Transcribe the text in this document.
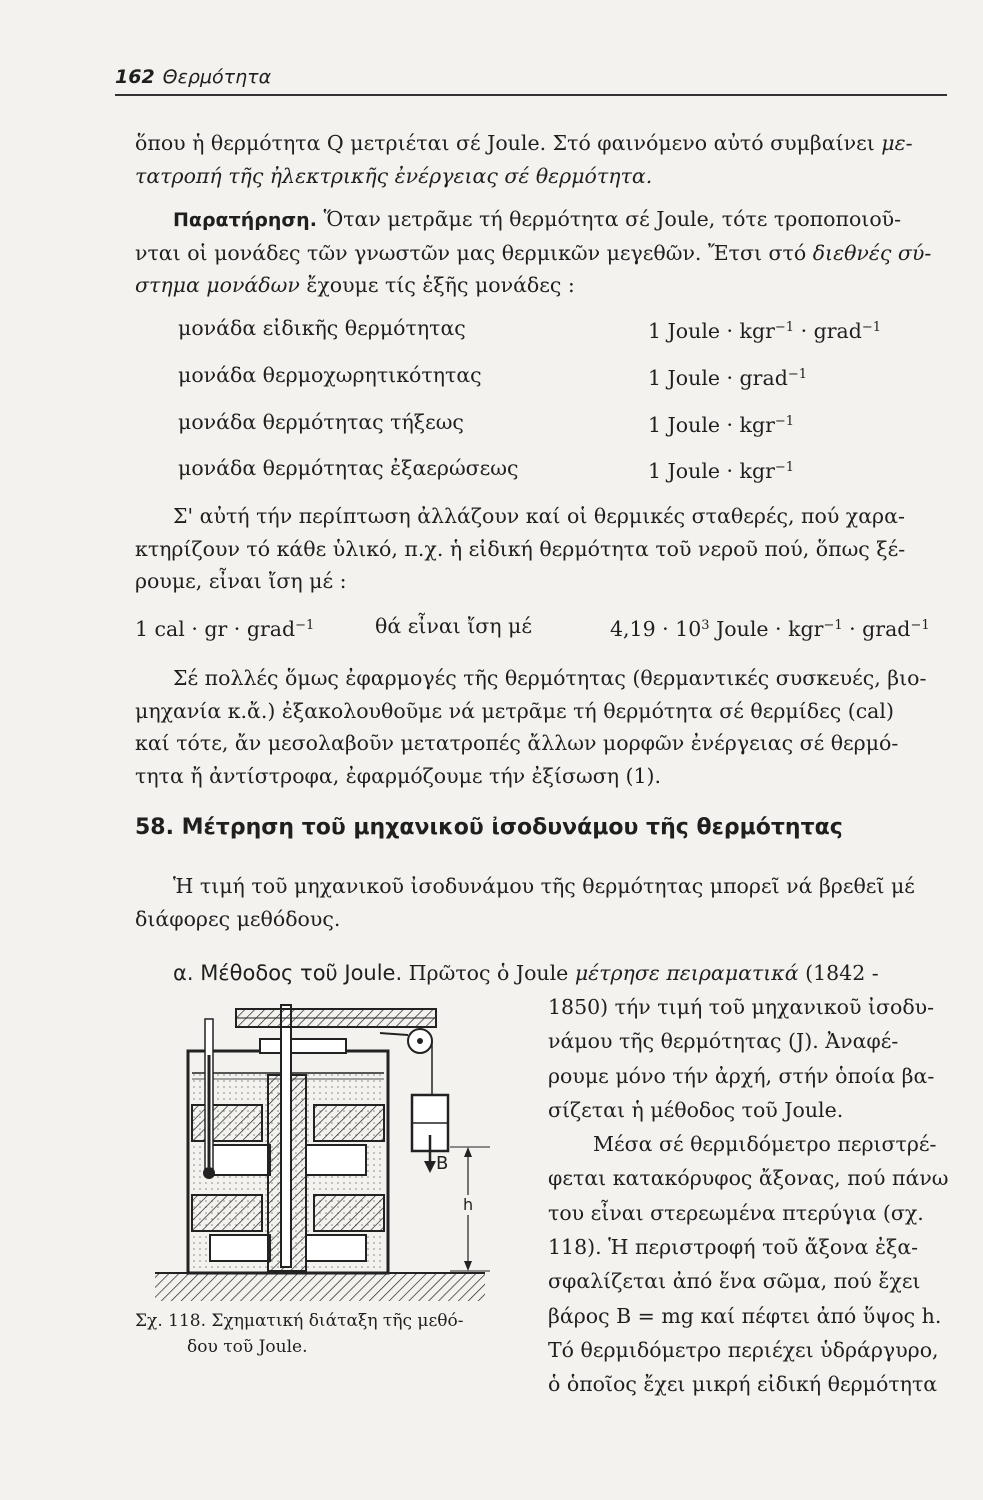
162 Θερμότητα

ὅπου ἡ θερμότητα Q μετριέται σέ Joule. Στό φαινόμενο αὐτό συμβαίνει με-
τατροπή τῆς ἠλεκτρικῆς ἐνέργειας σέ θερμότητα.

Παρατήρηση. Ὅταν μετρᾶμε τή θερμότητα σέ Joule, τότε τροποποιοῦ-
νται οἱ μονάδες τῶν γνωστῶν μας θερμικῶν μεγεθῶν. Ἔτσι στό διεθνές σύ-
στημα μονάδων ἔχουμε τίς ἑξῆς μονάδες :

μονάδα εἰδικῆς θερμότητας	1 Joule · kgr$^{-1}$ · grad$^{-1}$
μονάδα θερμοχωρητικότητας	1 Joule · grad$^{-1}$
μονάδα θερμότητας τήξεως	1 Joule · kgr$^{-1}$
μονάδα θερμότητας ἐξαερώσεως	1 Joule · kgr$^{-1}$

Σ' αὐτή τήν περίπτωση ἀλλάζουν καί οἱ θερμικές σταθερές, πού χαρα-
κτηρίζουν τό κάθε ὑλικό, π.χ. ἡ εἰδική θερμότητα τοῦ νεροῦ πού, ὅπως ξέ-
ρουμε, εἶναι ἴση μέ :

1 cal · gr · grad$^{-1}$	θά εἶναι ἴση μέ	$4,19 \cdot 10^3$ Joule · kgr$^{-1}$ · grad$^{-1}$

Σέ πολλές ὅμως ἐφαρμογές τῆς θερμότητας (θερμαντικές συσκευές, βιο-
μηχανία κ.ἄ.) ἐξακολουθοῦμε νά μετρᾶμε τή θερμότητα σέ θερμίδες (cal)
καί τότε, ἄν μεσολαβοῦν μετατροπές ἄλλων μορφῶν ἐνέργειας σέ θερμό-
τητα ἤ ἀντίστροφα, ἐφαρμόζουμε τήν ἐξίσωση (1).

58. Μέτρηση τοῦ μηχανικοῦ ἰσοδυνάμου τῆς θερμότητας

Ἡ τιμή τοῦ μηχανικοῦ ἰσοδυνάμου τῆς θερμότητας μπορεῖ νά βρεθεῖ μέ
διάφορες μεθόδους.

α. Μέθοδος τοῦ Joule. Πρῶτος ὁ Joule μέτρησε πειραματικά (1842 -

1850) τήν τιμή τοῦ μηχανικοῦ ἰσοδυ-
νάμου τῆς θερμότητας (J). Ἀναφέ-
ρουμε μόνο τήν ἀρχή, στήν ὁποία βα-
σίζεται ἡ μέθοδος τοῦ Joule.
Μέσα σέ θερμιδόμετρο περιστρέ-
φεται κατακόρυφος ἄξονας, πού πάνω
του εἶναι στερεωμένα πτερύγια (σχ.
118). Ἡ περιστροφή τοῦ ἄξονα ἐξα-
σφαλίζεται ἀπό ἕνα σῶμα, πού ἔχει
βάρος B = mg καί πέφτει ἀπό ὕψος h.
Τό θερμιδόμετρο περιέχει ὑδράργυρο,
ὁ ὁποῖος ἔχει μικρή εἰδική θερμότητα

B
h
Σχ. 118. Σχηματική διάταξη τῆς μεθό-
δου τοῦ Joule.
